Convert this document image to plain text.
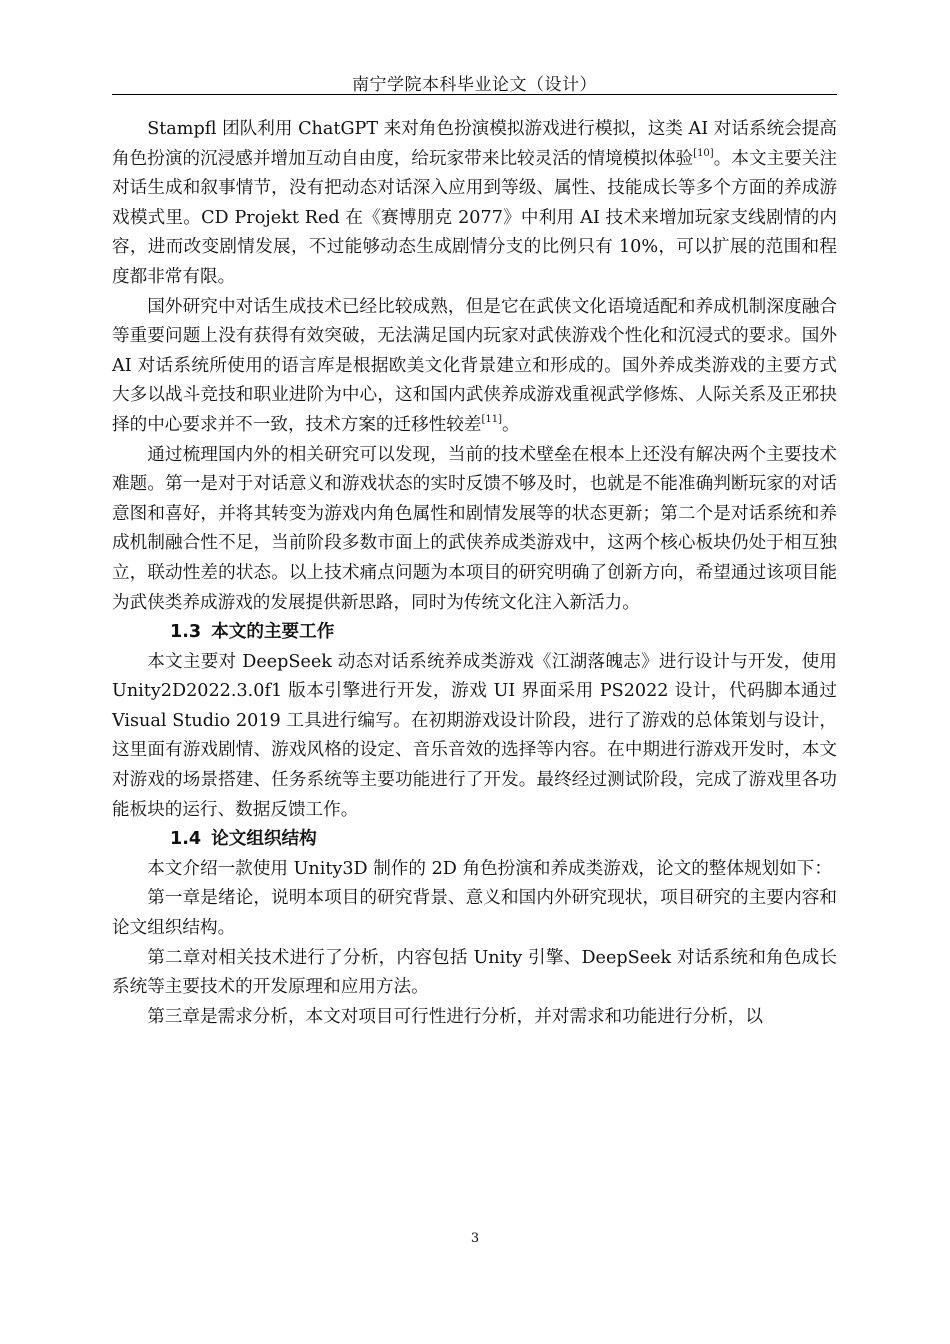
南宁学院本科毕业论文（设计）

Stampfl 团队利用 ChatGPT 来对角色扮演模拟游戏进行模拟，这类 AI 对话系统会提高角色扮演的沉浸感并增加互动自由度，给玩家带来比较灵活的情境模拟体验[10]。本文主要关注对话生成和叙事情节，没有把动态对话深入应用到等级、属性、技能成长等多个方面的养成游戏模式里。CD Projekt Red 在《赛博朋克 2077》中利用 AI 技术来增加玩家支线剧情的内容，进而改变剧情发展，不过能够动态生成剧情分支的比例只有 10%，可以扩展的范围和程度都非常有限。

国外研究中对话生成技术已经比较成熟，但是它在武侠文化语境适配和养成机制深度融合等重要问题上没有获得有效突破，无法满足国内玩家对武侠游戏个性化和沉浸式的要求。国外 AI 对话系统所使用的语言库是根据欧美文化背景建立和形成的。国外养成类游戏的主要方式大多以战斗竞技和职业进阶为中心，这和国内武侠养成游戏重视武学修炼、人际关系及正邪抉择的中心要求并不一致，技术方案的迁移性较差[11]。

通过梳理国内外的相关研究可以发现，当前的技术壁垒在根本上还没有解决两个主要技术难题。第一是对于对话意义和游戏状态的实时反馈不够及时，也就是不能准确判断玩家的对话意图和喜好，并将其转变为游戏内角色属性和剧情发展等的状态更新；第二个是对话系统和养成机制融合性不足，当前阶段多数市面上的武侠养成类游戏中，这两个核心板块仍处于相互独立，联动性差的状态。以上技术痛点问题为本项目的研究明确了创新方向，希望通过该项目能为武侠类养成游戏的发展提供新思路，同时为传统文化注入新活力。

1.3 本文的主要工作

本文主要对 DeepSeek 动态对话系统养成类游戏《江湖落魄志》进行设计与开发，使用 Unity2D2022.3.0f1 版本引擎进行开发，游戏 UI 界面采用 PS2022 设计，代码脚本通过 Visual Studio 2019 工具进行编写。在初期游戏设计阶段，进行了游戏的总体策划与设计，这里面有游戏剧情、游戏风格的设定、音乐音效的选择等内容。在中期进行游戏开发时，本文对游戏的场景搭建、任务系统等主要功能进行了开发。最终经过测试阶段，完成了游戏里各功能板块的运行、数据反馈工作。

1.4 论文组织结构

本文介绍一款使用 Unity3D 制作的 2D 角色扮演和养成类游戏，论文的整体规划如下：

第一章是绪论，说明本项目的研究背景、意义和国内外研究现状，项目研究的主要内容和论文组织结构。

第二章对相关技术进行了分析，内容包括 Unity 引擎、DeepSeek 对话系统和角色成长系统等主要技术的开发原理和应用方法。

第三章是需求分析，本文对项目可行性进行分析，并对需求和功能进行分析，以

3
